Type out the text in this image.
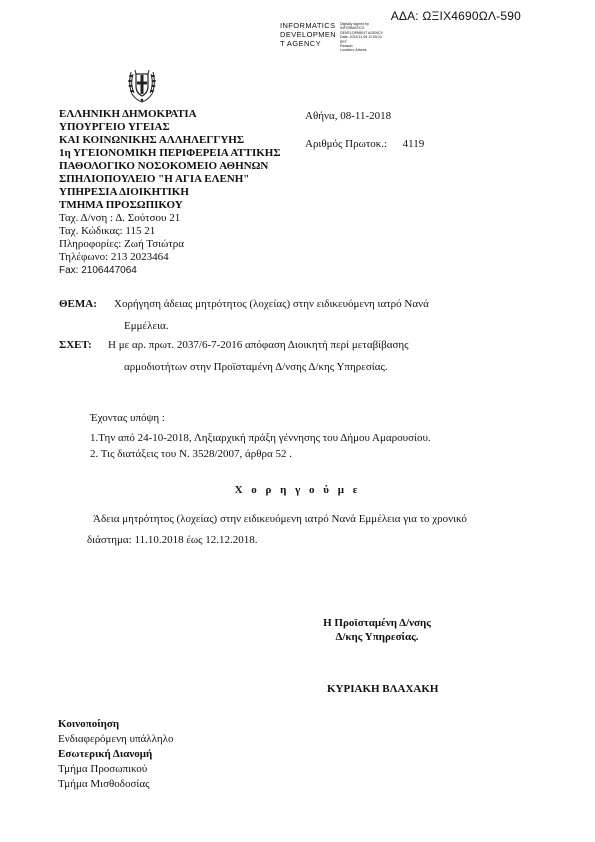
ΑΔΑ: ΩΞΙΧ4690ΩΛ-590
INFORMATICS
DEVELOPMEN
T AGENCY
Digitally signed by
INFORMATICS
DEVELOPMENT AGENCY
Date: 2018.11.08 11:05:21
EET
Reason:
Location: Athens
ΕΛΛΗΝΙΚΗ ΔΗΜΟΚΡΑΤΙΑ
ΥΠΟΥΡΓΕΙΟ ΥΓΕΙΑΣ
ΚΑΙ ΚΟΙΝΩΝΙΚΗΣ ΑΛΛΗΛΕΓΓΥΗΣ
1η ΥΓΕΙΟΝΟΜΙΚΗ ΠΕΡΙΦΕΡΕΙΑ ΑΤΤΙΚΗΣ
ΠΑΘΟΛΟΓΙΚΟ ΝΟΣΟΚΟΜΕΙΟ ΑΘΗΝΩΝ
ΣΠΗΛΙΟΠΟΥΛΕΙΟ "Η ΑΓΙΑ ΕΛΕΝΗ"
ΥΠΗΡΕΣΙΑ ΔΙΟΙΚΗΤΙΚΗ
ΤΜΗΜΑ ΠΡΟΣΩΠΙΚΟΥ
Ταχ. Δ/νση : Δ. Σούτσου 21
Ταχ. Κώδικας: 115 21
Πληροφορίες: Ζωή Τσιώτρα
Τηλέφωνο: 213 2023464
Fax: 2106447064
Αθήνα, 08-11-2018
Αριθμός Πρωτοκ.: 4119
ΘΕΜΑ: Χορήγηση άδειας μητρότητος (λοχείας) στην ειδικευόμενη ιατρό Νανά
Εμμέλεια.
ΣΧΕΤ: Η με αρ. πρωτ. 2037/6-7-2016 απόφαση Διοικητή περί μεταβίβασης
αρμοδιοτήτων στην Προϊσταμένη Δ/νσης Δ/κης Υπηρεσίας.
Έχοντας υπόψη :
1.Την από 24-10-2018, Ληξιαρχική πράξη γέννησης του Δήμου Αμαρουσίου.
2. Τις διατάξεις του Ν. 3528/2007, άρθρα 52 .
Χ ο ρ η γ ο ύ μ ε
Άδεια μητρότητος (λοχείας) στην ειδικευόμενη ιατρό Νανά Εμμέλεια για το χρονικό
διάστημα: 11.10.2018 έως 12.12.2018.
Η Προϊσταμένη Δ/νσης
Δ/κης Υπηρεσίας.
ΚΥΡΙΑΚΗ ΒΛΑΧΑΚΗ
Κοινοποίηση
Ενδιαφερόμενη υπάλληλο
Εσωτερική Διανομή
Τμήμα Προσωπικού
Τμήμα Μισθοδοσίας
